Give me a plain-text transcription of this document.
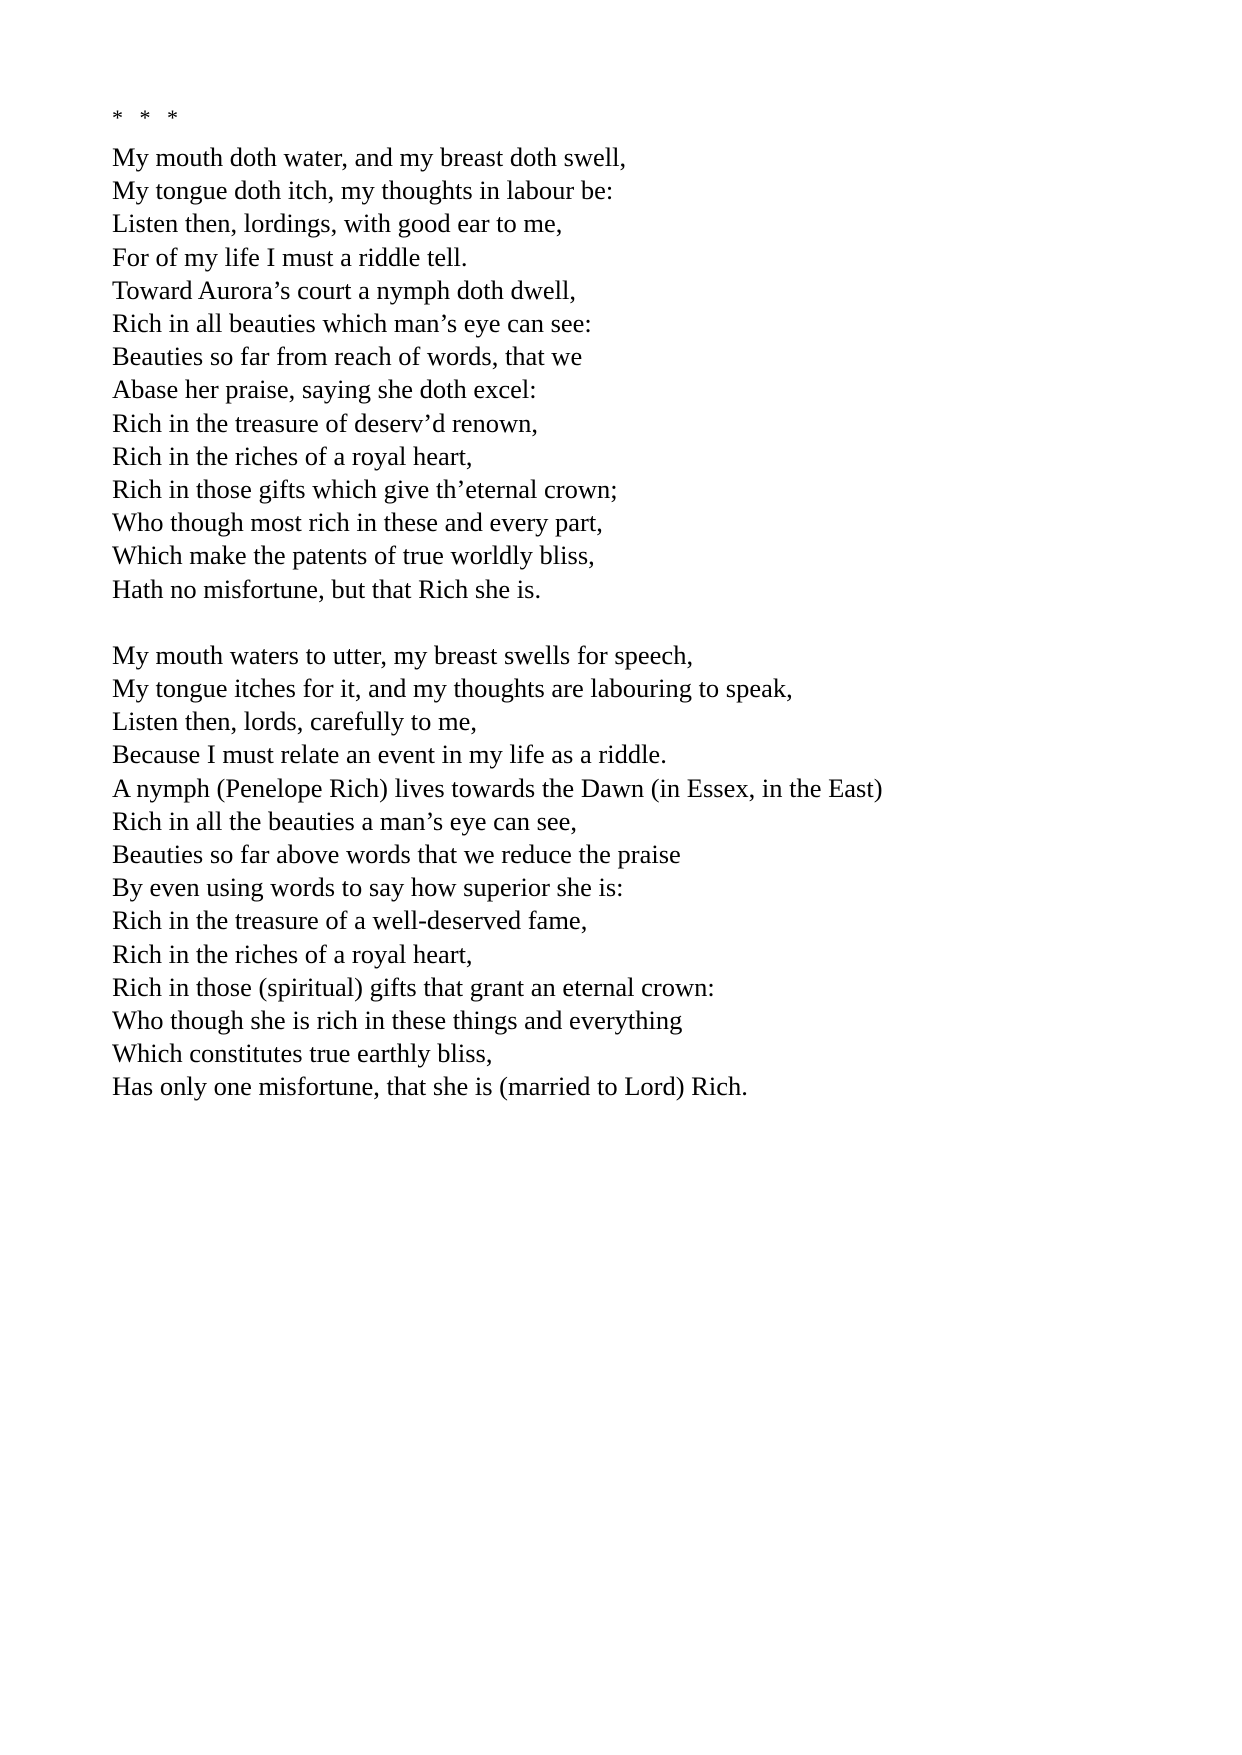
*   *   *
My mouth doth water, and my breast doth swell,
My tongue doth itch, my thoughts in labour be:
Listen then, lordings, with good ear to me,
For of my life I must a riddle tell.
Toward Aurora’s court a nymph doth dwell,
Rich in all beauties which man’s eye can see:
Beauties so far from reach of words, that we
Abase her praise, saying she doth excel:
Rich in the treasure of deserv’d renown,
Rich in the riches of a royal heart,
Rich in those gifts which give th’eternal crown;
Who though most rich in these and every part,
Which make the patents of true worldly bliss,
Hath no misfortune, but that Rich she is.
My mouth waters to utter, my breast swells for speech,
My tongue itches for it, and my thoughts are labouring to speak,
Listen then, lords, carefully to me,
Because I must relate an event in my life as a riddle.
A nymph (Penelope Rich) lives towards the Dawn (in Essex, in the East)
Rich in all the beauties a man’s eye can see,
Beauties so far above words that we reduce the praise
By even using words to say how superior she is:
Rich in the treasure of a well-deserved fame,
Rich in the riches of a royal heart,
Rich in those (spiritual) gifts that grant an eternal crown:
Who though she is rich in these things and everything
Which constitutes true earthly bliss,
Has only one misfortune, that she is (married to Lord) Rich.
